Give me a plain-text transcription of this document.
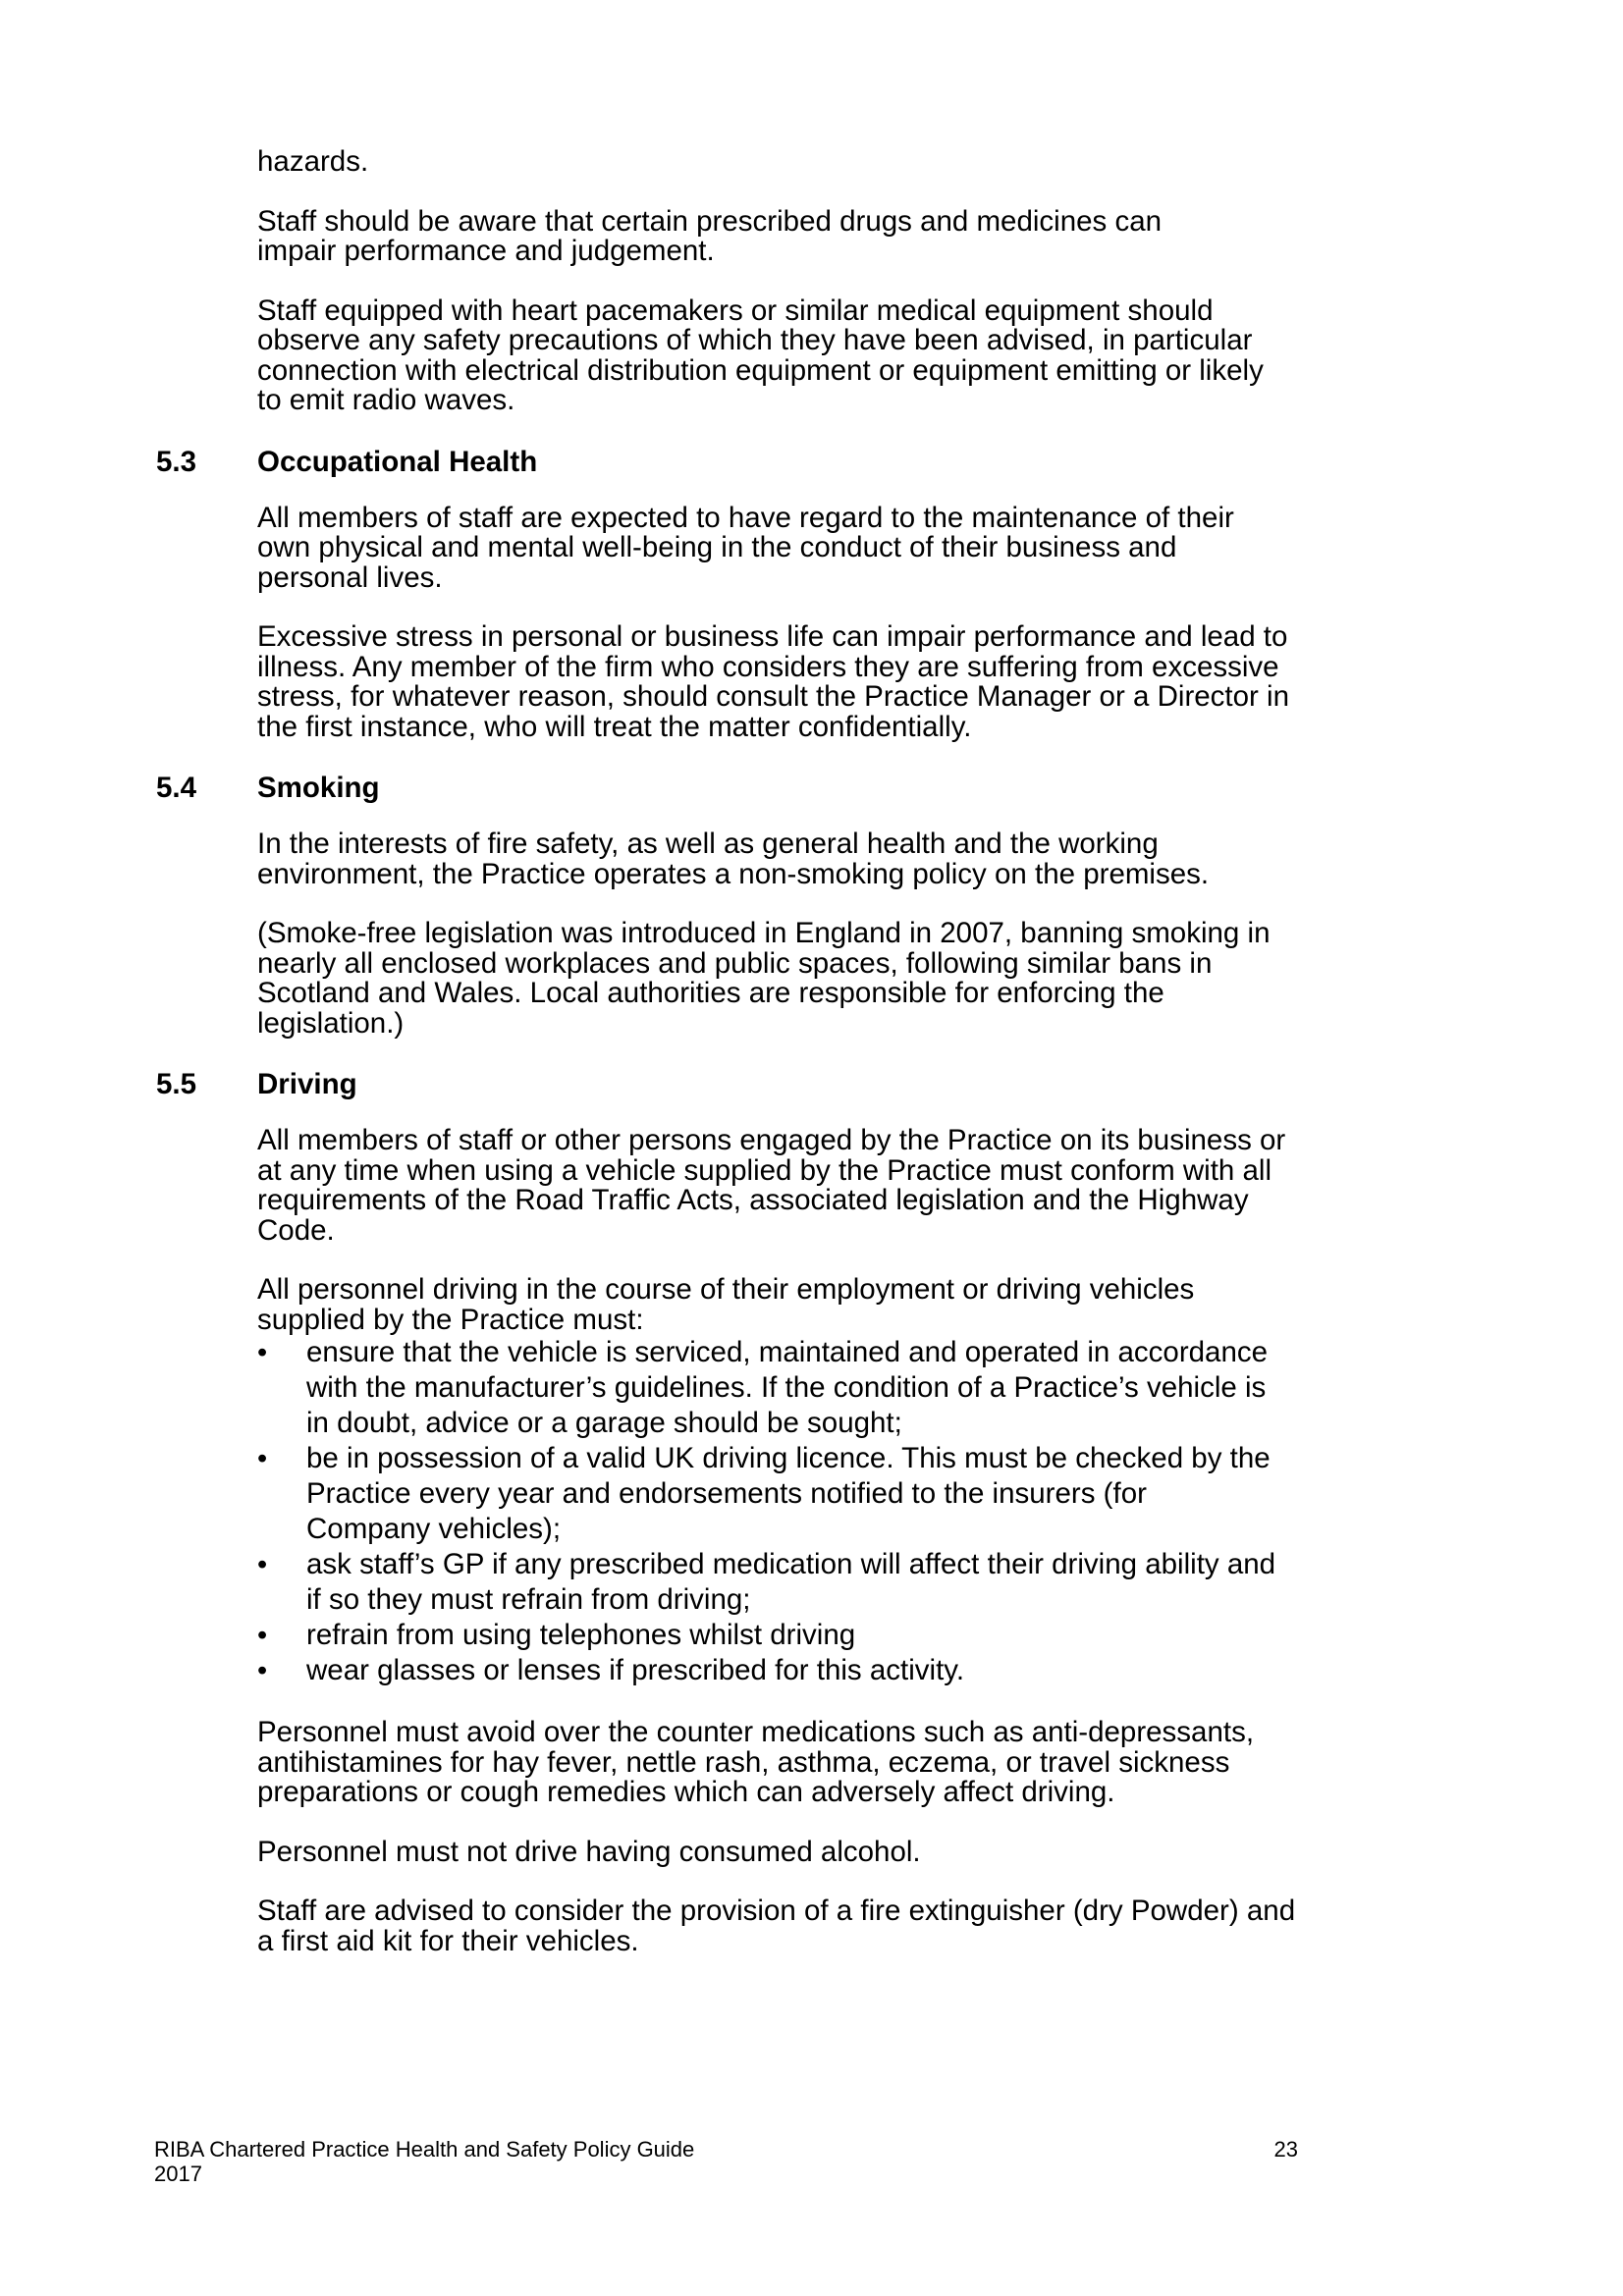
hazards.

Staff should be aware that certain prescribed drugs and medicines can impair performance and judgement.

Staff equipped with heart pacemakers or similar medical equipment should observe any safety precautions of which they have been advised, in particular connection with electrical distribution equipment or equipment emitting or likely to emit radio waves.

5.3 Occupational Health

All members of staff are expected to have regard to the maintenance of their own physical and mental well-being in the conduct of their business and personal lives.

Excessive stress in personal or business life can impair performance and lead to illness. Any member of the firm who considers they are suffering from excessive stress, for whatever reason, should consult the Practice Manager or a Director in the first instance, who will treat the matter confidentially.

5.4 Smoking

In the interests of fire safety, as well as general health and the working environment, the Practice operates a non-smoking policy on the premises.

(Smoke-free legislation was introduced in England in 2007, banning smoking in nearly all enclosed workplaces and public spaces, following similar bans in Scotland and Wales. Local authorities are responsible for enforcing the legislation.)

5.5 Driving

All members of staff or other persons engaged by the Practice on its business or at any time when using a vehicle supplied by the Practice must conform with all requirements of the Road Traffic Acts, associated legislation and the Highway Code.

All personnel driving in the course of their employment or driving vehicles supplied by the Practice must:

•	ensure that the vehicle is serviced, maintained and operated in accordance with the manufacturer’s guidelines. If the condition of a Practice’s vehicle is in doubt, advice or a garage should be sought;
•	be in possession of a valid UK driving licence. This must be checked by the Practice every year and endorsements notified to the insurers (for Company vehicles);
•	ask staff’s GP if any prescribed medication will affect their driving ability and if so they must refrain from driving;
•	refrain from using telephones whilst driving
•	wear glasses or lenses if prescribed for this activity.

Personnel must avoid over the counter medications such as anti-depressants, antihistamines for hay fever, nettle rash, asthma, eczema, or travel sickness preparations or cough remedies which can adversely affect driving.

Personnel must not drive having consumed alcohol.

Staff are advised to consider the provision of a fire extinguisher (dry Powder) and a first aid kit for their vehicles.

RIBA Chartered Practice Health and Safety Policy Guide
2017
23
